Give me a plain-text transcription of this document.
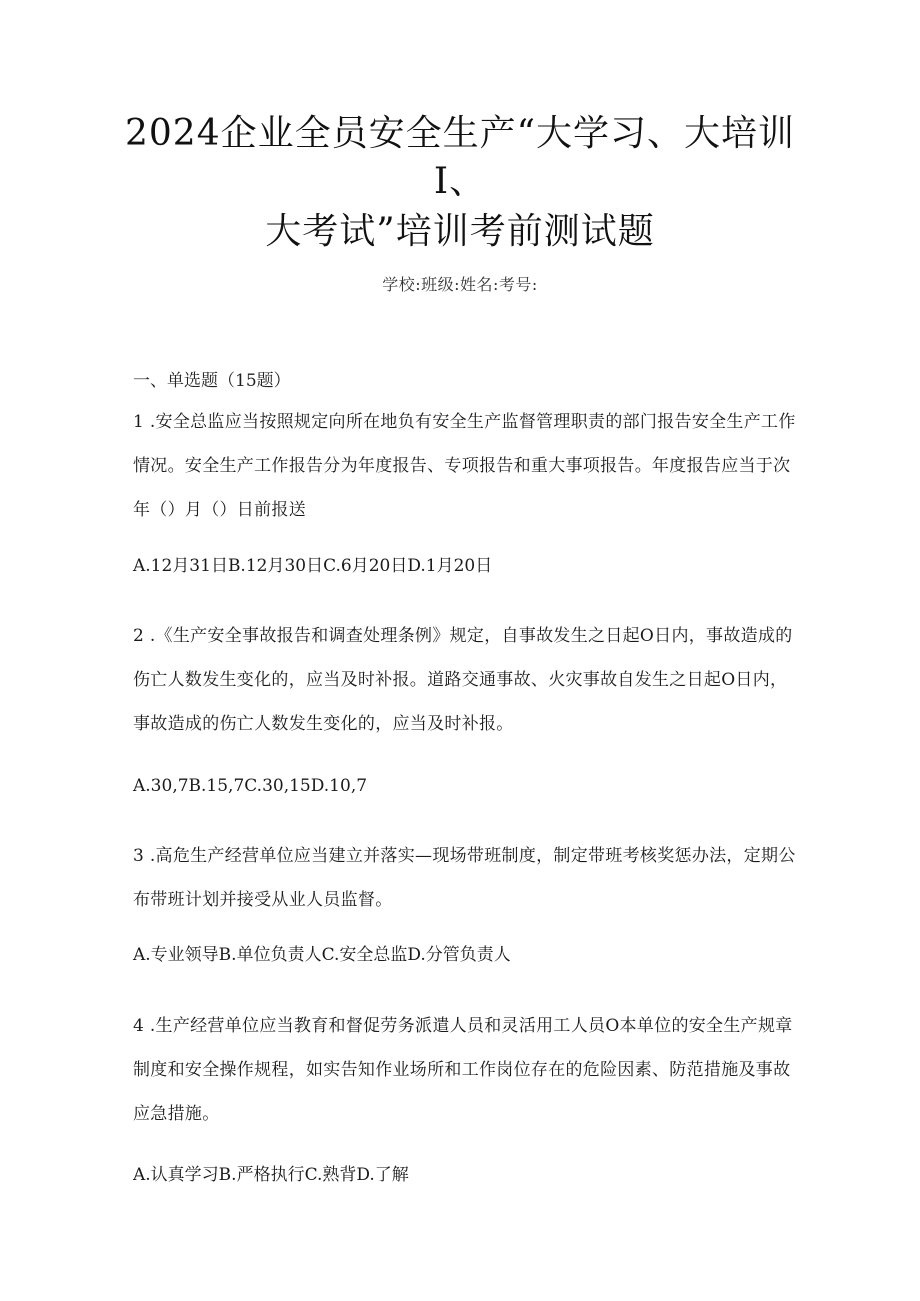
2024企业全员安全生产“大学习、大培训
I、
大考试”培训考前测试题
学校:班级:姓名:考号:
一、单选题（15题）
1 .安全总监应当按照规定向所在地负有安全生产监督管理职责的部门报告安全生产工作情况。安全生产工作报告分为年度报告、专项报告和重大事项报告。年度报告应当于次年（）月（）日前报送
A.12月31日B.12月30日C.6月20日D.1月20日
2 .《生产安全事故报告和调查处理条例》规定，自事故发生之日起O日内，事故造成的伤亡人数发生变化的，应当及时补报。道路交通事故、火灾事故自发生之日起O日内，事故造成的伤亡人数发生变化的，应当及时补报。
A.30,7B.15,7C.30,15D.10,7
3 .高危生产经营单位应当建立并落实—现场带班制度，制定带班考核奖惩办法，定期公布带班计划并接受从业人员监督。
A.专业领导B.单位负责人C.安全总监D.分管负责人
4 .生产经营单位应当教育和督促劳务派遣人员和灵活用工人员O本单位的安全生产规章制度和安全操作规程，如实告知作业场所和工作岗位存在的危险因素、防范措施及事故应急措施。
A.认真学习B.严格执行C.熟背D.了解
